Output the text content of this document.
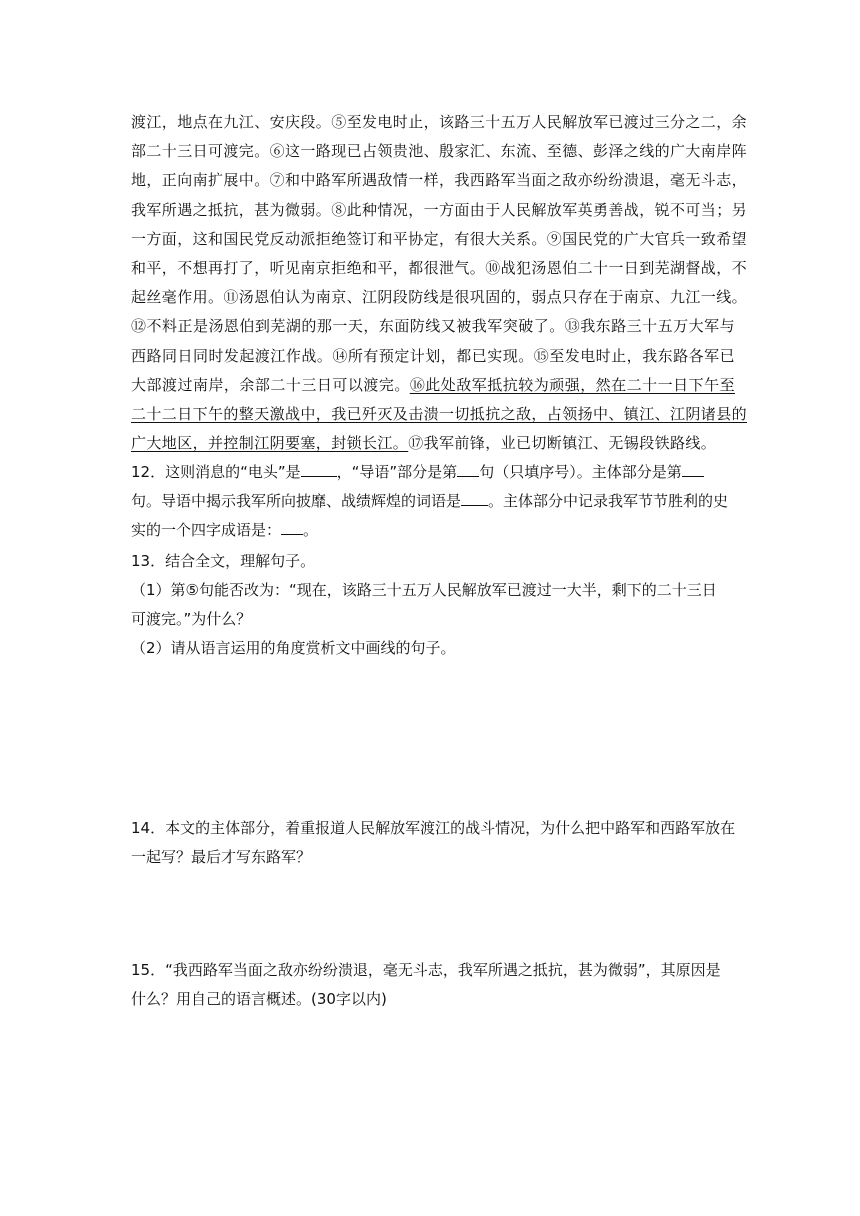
渡江，地点在九江、安庆段。⑤至发电时止，该路三十五万人民解放军已渡过三分之二，余

部二十三日可渡完。⑥这一路现已占领贵池、殷家汇、东流、至德、彭泽之线的广大南岸阵

地，正向南扩展中。⑦和中路军所遇敌情一样，我西路军当面之敌亦纷纷溃退，毫无斗志，

我军所遇之抵抗，甚为微弱。⑧此种情况，一方面由于人民解放军英勇善战，锐不可当；另

一方面，这和国民党反动派拒绝签订和平协定，有很大关系。⑨国民党的广大官兵一致希望

和平，不想再打了，听见南京拒绝和平，都很泄气。⑩战犯汤恩伯二十一日到芜湖督战，不

起丝毫作用。⑪汤恩伯认为南京、江阴段防线是很巩固的，弱点只存在于南京、九江一线。

⑫不料正是汤恩伯到芜湖的那一天，东面防线又被我军突破了。⑬我东路三十五万大军与

西路同日同时发起渡江作战。⑭所有预定计划，都已实现。⑮至发电时止，我东路各军已

大部渡过南岸，余部二十三日可以渡完。⑯此处敌军抵抗较为顽强，然在二十一日下午至

二十二日下午的整天激战中，我已歼灭及击溃一切抵抗之敌，占领扬中、镇江、江阴诸县的

广大地区，并控制江阴要塞，封锁长江。⑰我军前锋，业已切断镇江、无锡段铁路线。

12．这则消息的“电头”是 ，“导语”部分是第 句（只填序号）。主体部分是第

句。导语中揭示我军所向披靡、战绩辉煌的词语是 。主体部分中记录我军节节胜利的史

实的一个四字成语是： 。

13．结合全文，理解句子。

（1）第⑤句能否改为：“现在，该路三十五万人民解放军已渡过一大半，剩下的二十三日

可渡完。”为什么？

（2）请从语言运用的角度赏析文中画线的句子。

14．本文的主体部分，着重报道人民解放军渡江的战斗情况，为什么把中路军和西路军放在

一起写？最后才写东路军？

15．“我西路军当面之敌亦纷纷溃退，毫无斗志，我军所遇之抵抗，甚为微弱”，其原因是

什么？用自己的语言概述。(30字以内)
